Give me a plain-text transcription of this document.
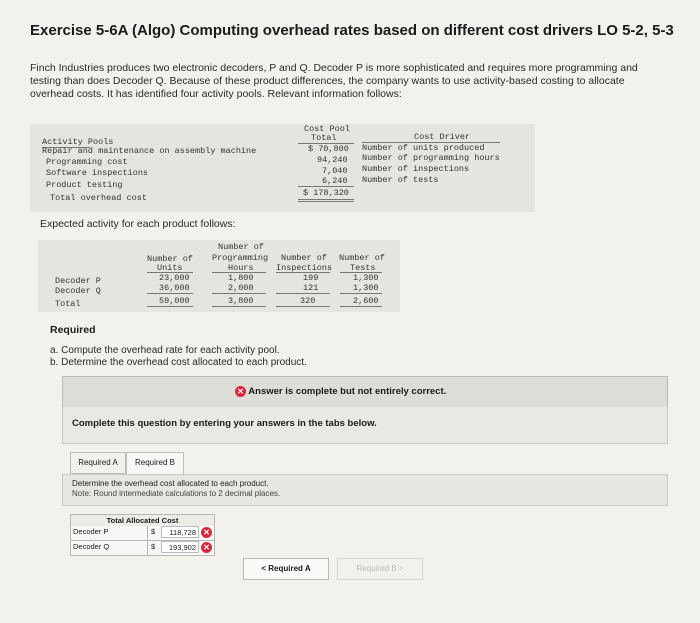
Exercise 5-6A (Algo) Computing overhead rates based on different cost drivers LO 5-2, 5-3
Finch Industries produces two electronic decoders, P and Q. Decoder P is more sophisticated and requires more programming and testing than does Decoder Q. Because of these product differences, the company wants to use activity-based costing to allocate overhead costs. It has identified four activity pools. Relevant information follows:
Activity Pools
Cost Pool
Total	Cost Driver
Repair and maintenance on assembly machine	$ 70,800 Number of units produced
Programming cost	94,240 Number of programming hours
Software inspections	7,040 Number of inspections
Product testing	6,240 Number of tests
Total overhead cost	$ 178,320
Expected activity for each product follows:
Number of
Units
Number of
Programming
Hours
Number of
Inspections
Number of
Tests
Decoder P	23,000	1,800	199	1,300
Decoder Q	36,000	2,000	121	1,300
Total	59,000	3,800	320	2,600
Required
a. Compute the overhead rate for each activity pool.
b. Determine the overhead cost allocated to each product.
✕ Answer is complete but not entirely correct.
Complete this question by entering your answers in the tabs below.
Required A	Required B
Determine the overhead cost allocated to each product.
Note: Round intermediate calculations to 2 decimal places.
Total Allocated Cost
Decoder P	$	118,728 ✕
Decoder Q	$	193,902 ✕
< Required A	Required B >
